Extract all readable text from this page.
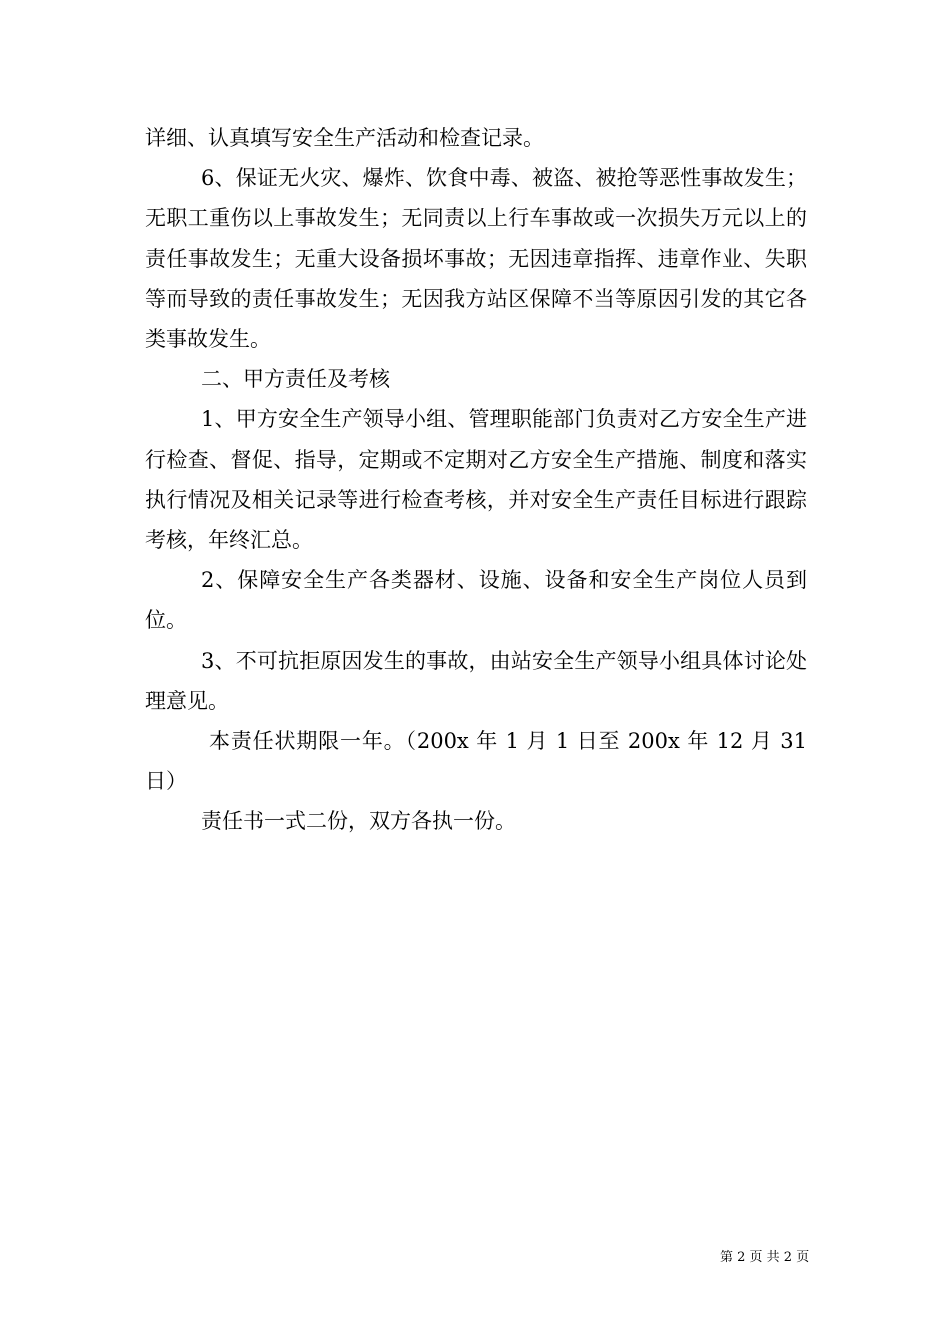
详细、认真填写安全生产活动和检查记录。

6、保证无火灾、爆炸、饮食中毒、被盗、被抢等恶性事故发生；无职工重伤以上事故发生；无同责以上行车事故或一次损失万元以上的责任事故发生；无重大设备损坏事故；无因违章指挥、违章作业、失职等而导致的责任事故发生；无因我方站区保障不当等原因引发的其它各类事故发生。

二、甲方责任及考核

1、甲方安全生产领导小组、管理职能部门负责对乙方安全生产进行检查、督促、指导，定期或不定期对乙方安全生产措施、制度和落实执行情况及相关记录等进行检查考核，并对安全生产责任目标进行跟踪考核，年终汇总。

2、保障安全生产各类器材、设施、设备和安全生产岗位人员到位。

3、不可抗拒原因发生的事故，由站安全生产领导小组具体讨论处理意见。

本责任状期限一年。（200x 年 1 月 1 日至 200x 年 12 月 31 日）

责任书一式二份，双方各执一份。

第 2 页 共 2 页
